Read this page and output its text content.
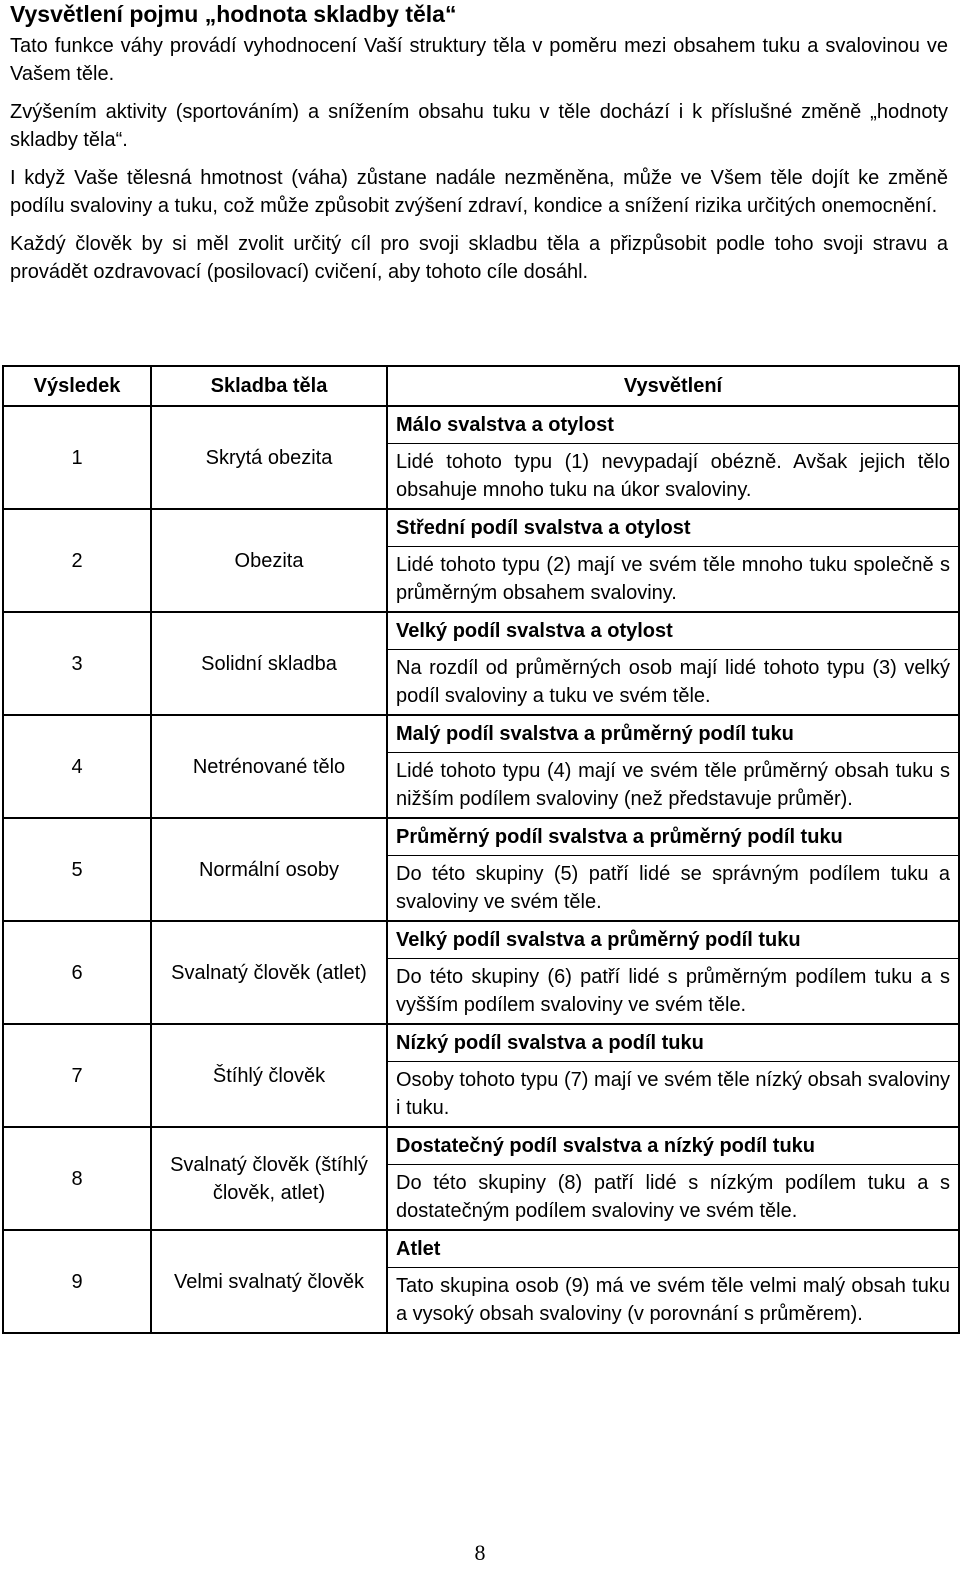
Vysvětlení pojmu „hodnota skladby těla“

Tato funkce váhy provádí vyhodnocení Vaší struktury těla v poměru mezi obsahem tuku a svalovinou ve Vašem těle.

Zvýšením aktivity (sportováním) a snížením obsahu tuku v těle dochází i k příslušné změně „hodnoty skladby těla“.

I když Vaše tělesná hmotnost (váha) zůstane nadále nezměněna, může ve Všem těle dojít ke změně podílu svaloviny a tuku, což může způsobit zvýšení zdraví, kondice a snížení rizika určitých onemocnění.

Každý člověk by si měl zvolit určitý cíl pro svoji skladbu těla a přizpůsobit podle toho svoji stravu a provádět ozdravovací (posilovací) cvičení, aby tohoto cíle dosáhl.

Výsledek	Skladba těla	Vysvětlení
1	Skrytá obezita	Málo svalstva a otylost
Lidé tohoto typu (1) nevypadají obézně. Avšak jejich tělo obsahuje mnoho tuku na úkor svaloviny.

2	Obezita	Střední podíl svalstva a otylost
Lidé tohoto typu (2) mají ve svém těle mnoho tuku společně s průměrným obsahem svaloviny.

3	Solidní skladba	Velký podíl svalstva a otylost
Na rozdíl od průměrných osob mají lidé tohoto typu (3) velký podíl svaloviny a tuku ve svém těle.

4	Netrénované tělo	Malý podíl svalstva a průměrný podíl tuku
Lidé tohoto typu (4) mají ve svém těle průměrný obsah tuku s nižším podílem svaloviny (než představuje průměr).

5	Normální osoby	Průměrný podíl svalstva a průměrný podíl tuku
Do této skupiny (5) patří lidé se správným podílem tuku a svaloviny ve svém těle.

6	Svalnatý člověk (atlet)	Velký podíl svalstva a průměrný podíl tuku
Do této skupiny (6) patří lidé s průměrným podílem tuku a s vyšším podílem svaloviny ve svém těle.

7	Štíhlý člověk	Nízký podíl svalstva a podíl tuku
Osoby tohoto typu (7) mají ve svém těle nízký obsah svaloviny i tuku.

8	Svalnatý člověk (štíhlý člověk, atlet)	Dostatečný podíl svalstva a nízký podíl tuku
Do této skupiny (8) patří lidé s nízkým podílem tuku a s dostatečným podílem svaloviny ve svém těle.

9	Velmi svalnatý člověk	Atlet
Tato skupina osob (9) má ve svém těle velmi malý obsah tuku a vysoký obsah svaloviny (v porovnání s průměrem).
8
